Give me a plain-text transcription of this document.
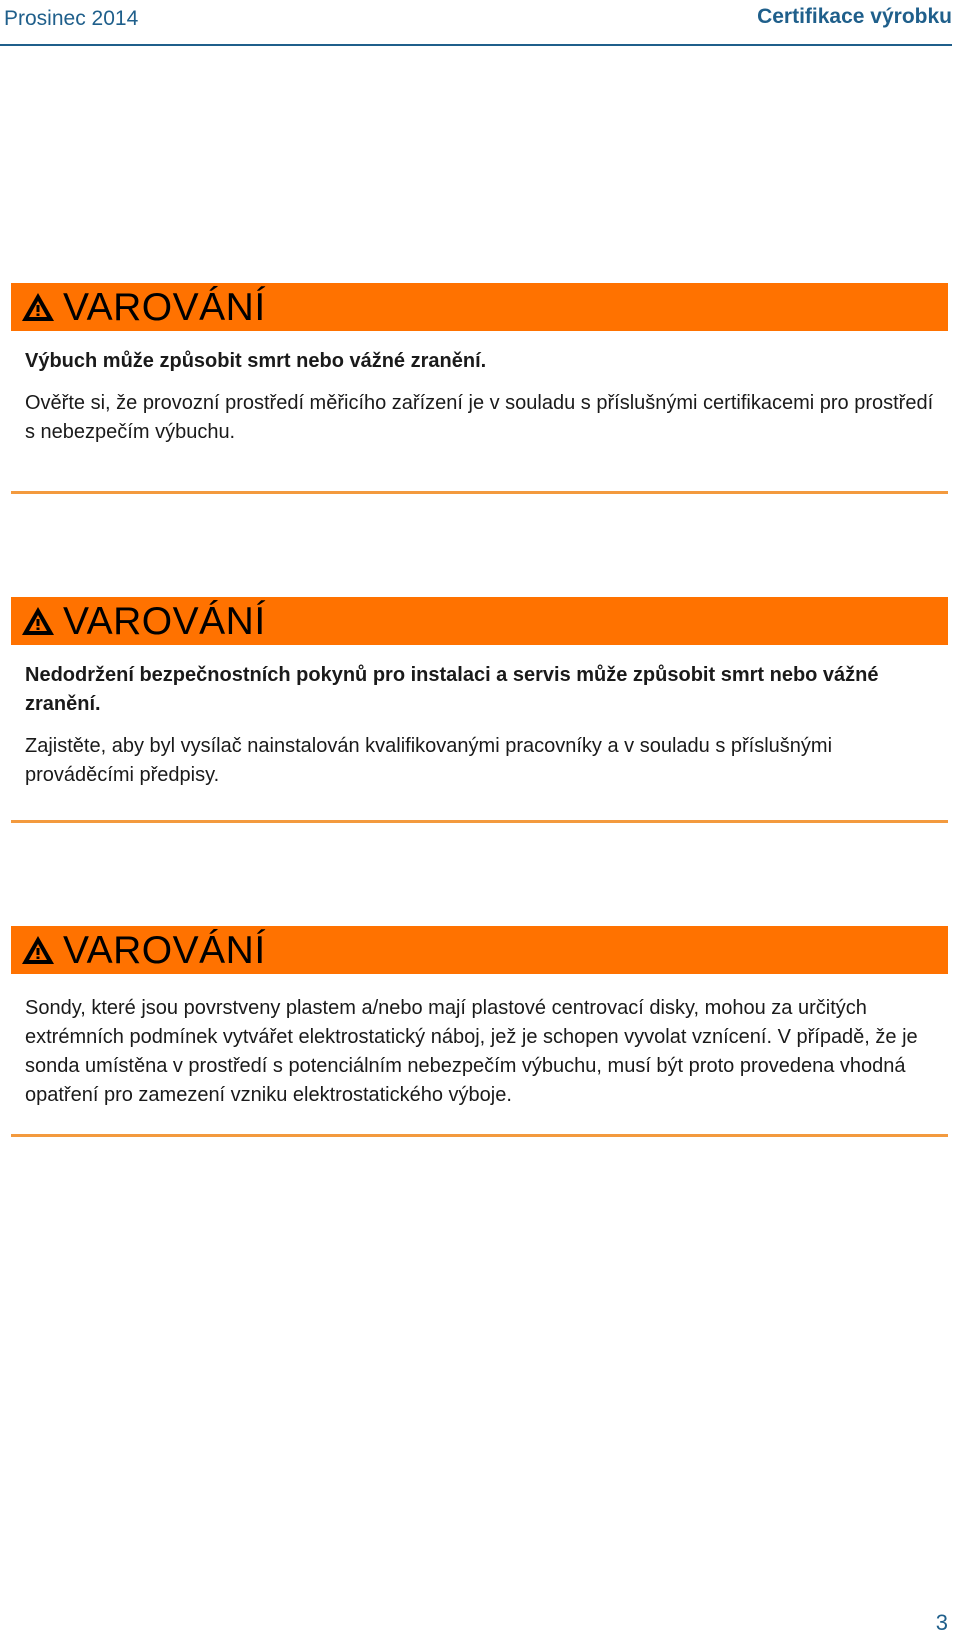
Prosinec 2014	Certifikace výrobku
VAROVÁNÍ

Výbuch může způsobit smrt nebo vážné zranění.

Ověřte si, že provozní prostředí měřicího zařízení je v souladu s příslušnými certifikacemi pro prostředí s nebezpečím výbuchu.

VAROVÁNÍ

Nedodržení bezpečnostních pokynů pro instalaci a servis může způsobit smrt nebo vážné zranění.

Zajistěte, aby byl vysílač nainstalován kvalifikovanými pracovníky a v souladu s příslušnými prováděcími předpisy.

VAROVÁNÍ

Sondy, které jsou povrstveny plastem a/nebo mají plastové centrovací disky, mohou za určitých extrémních podmínek vytvářet elektrostatický náboj, jež je schopen vyvolat vznícení. V případě, že je sonda umístěna v prostředí s potenciálním nebezpečím výbuchu, musí být proto provedena vhodná opatření pro zamezení vzniku elektrostatického výboje.

3
